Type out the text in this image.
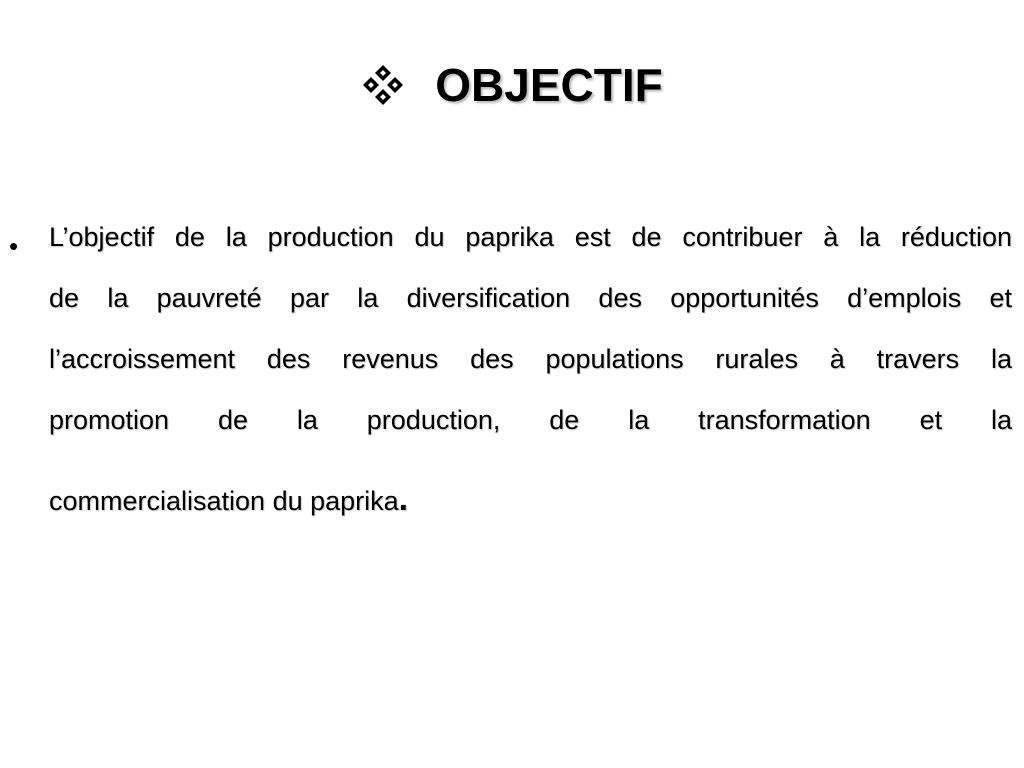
OBJECTIF
• L’objectif de la production du paprika est de contribuer à la réduction
de la pauvreté par la diversification des opportunités d’emplois et
l’accroissement des revenus des populations rurales à travers la
promotion de la production, de la transformation et la
commercialisation du paprika.
